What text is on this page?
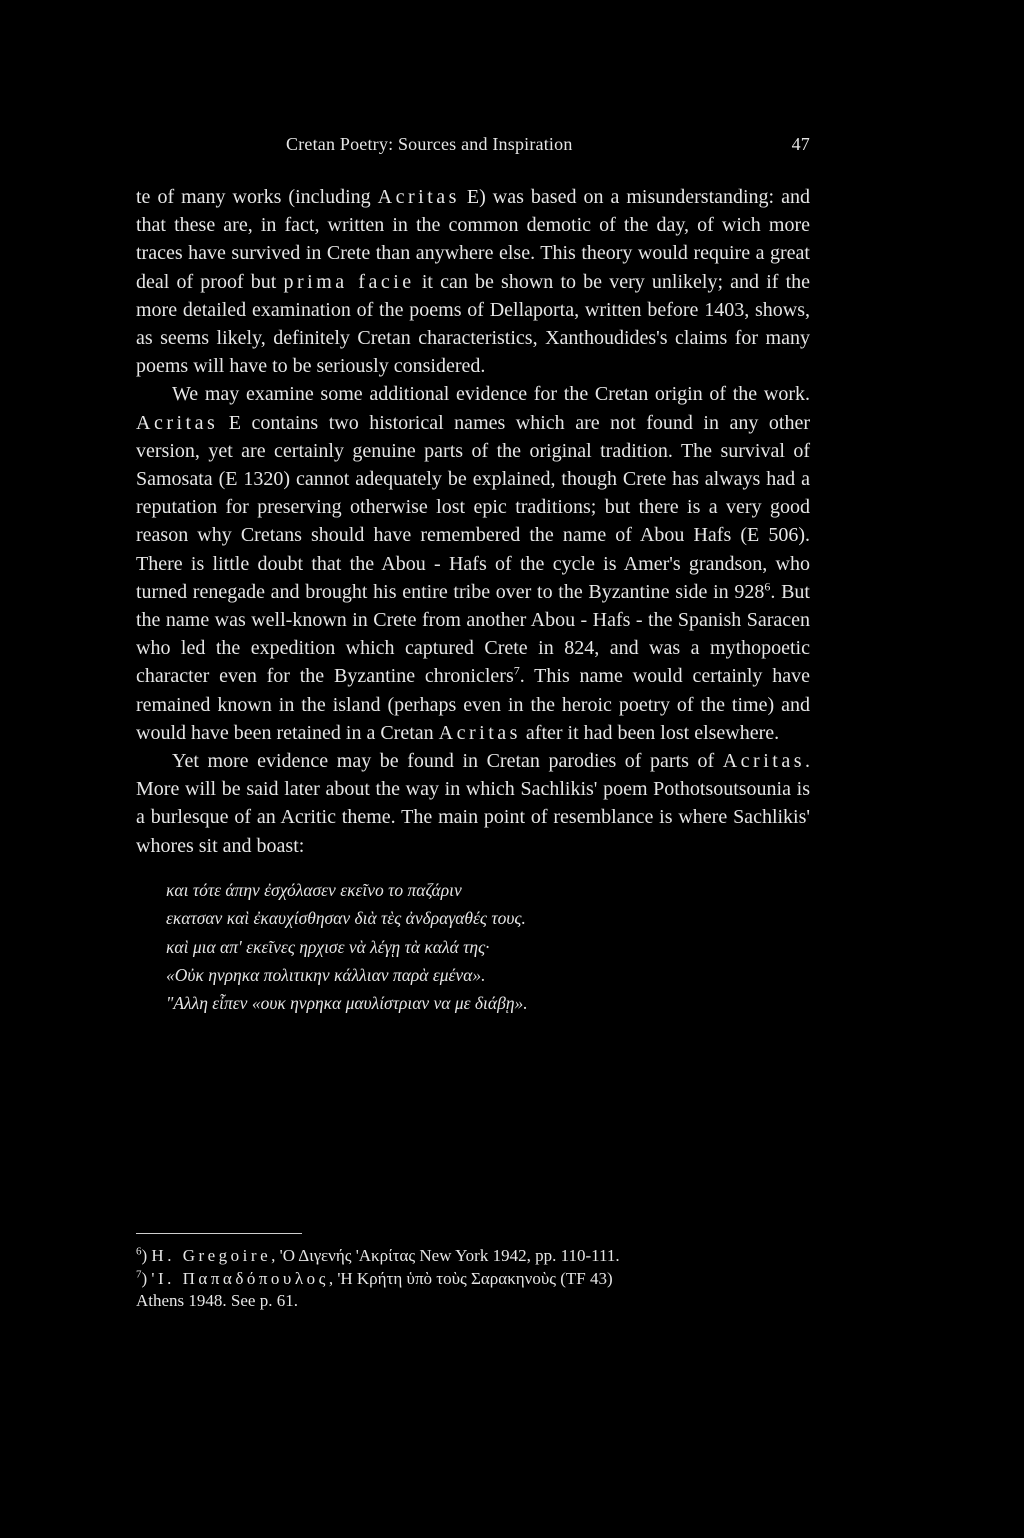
Cretan Poetry: Sources and Inspiration	47

te of many works (including Acritas E) was based on a misunderstanding: and that these are, in fact, written in the common demotic of the day, of wich more traces have survived in Crete than anywhere else. This theory would require a great deal of proof but prima facie it can be shown to be very unlikely; and if the more detailed examination of the poems of Dellaporta, written before 1403, shows, as seems likely, definitely Cretan characteristics, Xanthoudides's claims for many poems will have to be seriously considered.

We may examine some additional evidence for the Cretan origin of the work. Acritas E contains two historical names which are not found in any other version, yet are certainly genuine parts of the original tradition. The survival of Samosata (E 1320) cannot adequately be explained, though Crete has always had a reputation for preserving otherwise lost epic traditions; but there is a very good reason why Cretans should have remembered the name of Abou Hafs (E 506). There is little doubt that the Abou - Hafs of the cycle is Amer's grandson, who turned renegade and brought his entire tribe over to the Byzantine side in $928^6$. But the name was well-known in Crete from another Abou - Hafs - the Spanish Saracen who led the expedition which captured Crete in 824, and was a mythopoetic character even for the Byzantine chroniclers$^7$. This name would certainly have remained known in the island (perhaps even in the heroic poetry of the time) and would have been retained in a Cretan Acritas after it had been lost elsewhere.

Yet more evidence may be found in Cretan parodies of parts of Acritas. More will be said later about the way in which Sachlikis' poem Pothotsoutsounia is a burlesque of an Acritic theme. The main point of resemblance is where Sachlikis' whores sit and boast:

και τότε άπην ἐσχόλασεν εκεῖνο το παζάριν
εκατσαν καὶ ἐκαυχίσθησαν διὰ τὲς ἀνδραγαθές τους.
καὶ μια απ' εκεῖνες ηρχισε νὰ λέγῃ τὰ καλά της·
«Οὐκ ηνρηκα πολιτικην κάλλιαν παρὰ εμένα».
"Αλλη εἶπεν «ουκ ηνρηκα μαυλίστριαν να με διάβῃ».
$^6$) H. Gregoire, 'Ο Διγενής 'Ακρίτας New York 1942, pp. 110-111.
$^7$) 'Ι. Παπαδόπουλος, 'Η Κρήτη ὑπὸ τοὺς Σαρακηνοὺς (ΤF 43)
Athens 1948. See p. 61.
